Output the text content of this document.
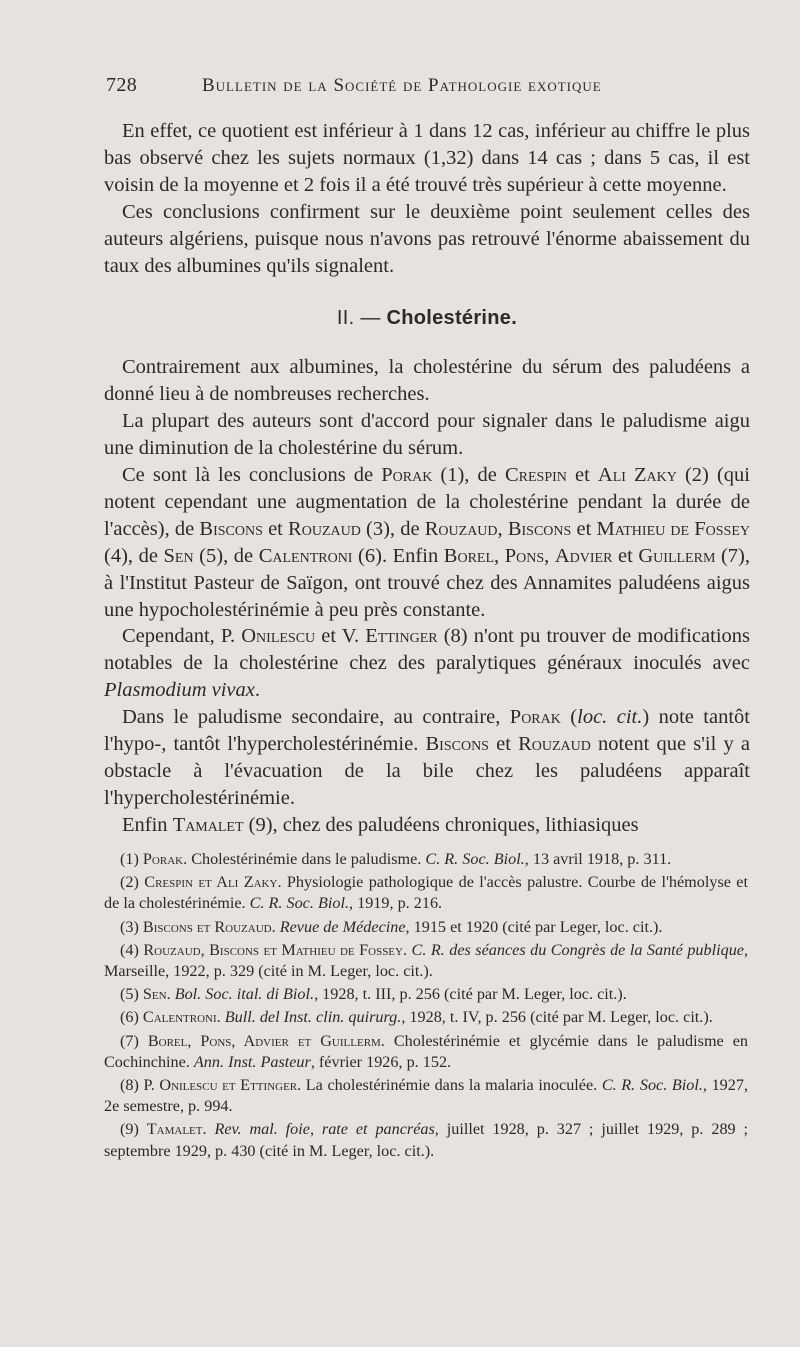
728	Bulletin de la Société de Pathologie exotique

En effet, ce quotient est inférieur à 1 dans 12 cas, inférieur au chiffre le plus bas observé chez les sujets normaux (1,32) dans 14 cas ; dans 5 cas, il est voisin de la moyenne et 2 fois il a été trouvé très supérieur à cette moyenne.

Ces conclusions confirment sur le deuxième point seulement celles des auteurs algériens, puisque nous n'avons pas retrouvé l'énorme abaissement du taux des albumines qu'ils signalent.

II. — Cholestérine.

Contrairement aux albumines, la cholestérine du sérum des paludéens a donné lieu à de nombreuses recherches.

La plupart des auteurs sont d'accord pour signaler dans le paludisme aigu une diminution de la cholestérine du sérum.

Ce sont là les conclusions de Porak (1), de Crespin et Ali Zaky (2) (qui notent cependant une augmentation de la cholestérine pendant la durée de l'accès), de Biscons et Rouzaud (3), de Rouzaud, Biscons et Mathieu de Fossey (4), de Sen (5), de Calentroni (6). Enfin Borel, Pons, Advier et Guillerm (7), à l'Institut Pasteur de Saïgon, ont trouvé chez des Annamites paludéens aigus une hypocholestérinémie à peu près constante.

Cependant, P. Onilescu et V. Ettinger (8) n'ont pu trouver de modifications notables de la cholestérine chez des paralytiques généraux inoculés avec Plasmodium vivax.

Dans le paludisme secondaire, au contraire, Porak (loc. cit.) note tantôt l'hypo-, tantôt l'hypercholestérinémie. Biscons et Rouzaud notent que s'il y a obstacle à l'évacuation de la bile chez les paludéens apparaît l'hypercholestérinémie.

Enfin Tamalet (9), chez des paludéens chroniques, lithiasiques

(1) Porak. Cholestérinémie dans le paludisme. C. R. Soc. Biol., 13 avril 1918, p. 311.

(2) Crespin et Ali Zaky. Physiologie pathologique de l'accès palustre. Courbe de l'hémolyse et de la cholestérinémie. C. R. Soc. Biol., 1919, p. 216.

(3) Biscons et Rouzaud. Revue de Médecine, 1915 et 1920 (cité par Leger, loc. cit.).

(4) Rouzaud, Biscons et Mathieu de Fossey. C. R. des séances du Congrès de la Santé publique, Marseille, 1922, p. 329 (cité in M. Leger, loc. cit.).

(5) Sen. Bol. Soc. ital. di Biol., 1928, t. III, p. 256 (cité par M. Leger, loc. cit.).

(6) Calentroni. Bull. del Inst. clin. quirurg., 1928, t. IV, p. 256 (cité par M. Leger, loc. cit.).

(7) Borel, Pons, Advier et Guillerm. Cholestérinémie et glycémie dans le paludisme en Cochinchine. Ann. Inst. Pasteur, février 1926, p. 152.

(8) P. Onilescu et Ettinger. La cholestérinémie dans la malaria inoculée. C. R. Soc. Biol., 1927, 2e semestre, p. 994.

(9) Tamalet. Rev. mal. foie, rate et pancréas, juillet 1928, p. 327 ; juillet 1929, p. 289 ; septembre 1929, p. 430 (cité in M. Leger, loc. cit.).
